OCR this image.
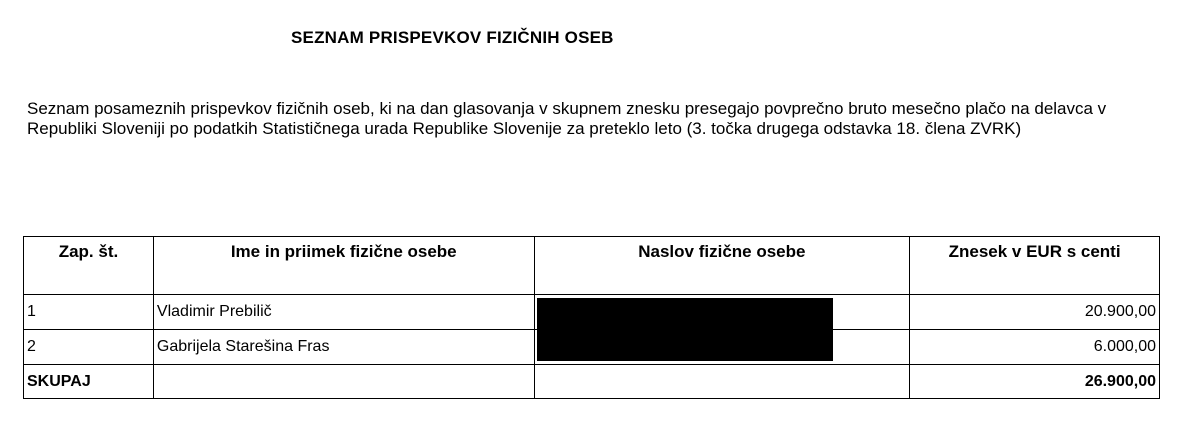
SEZNAM PRISPEVKOV FIZIČNIH OSEB
Seznam posameznih prispevkov fizičnih oseb, ki na dan glasovanja v skupnem znesku presegajo povprečno bruto mesečno plačo na delavca v Republiki Sloveniji po podatkih Statističnega urada Republike Slovenije za preteklo leto (3. točka drugega odstavka 18. člena ZVRK)
Zap. št.	Ime in priimek fizične osebe	Naslov fizične osebe	Znesek v EUR s centi
1	Vladimir Prebilič		20.900,00
2	Gabrijela Starešina Fras		6.000,00
SKUPAJ			26.900,00
